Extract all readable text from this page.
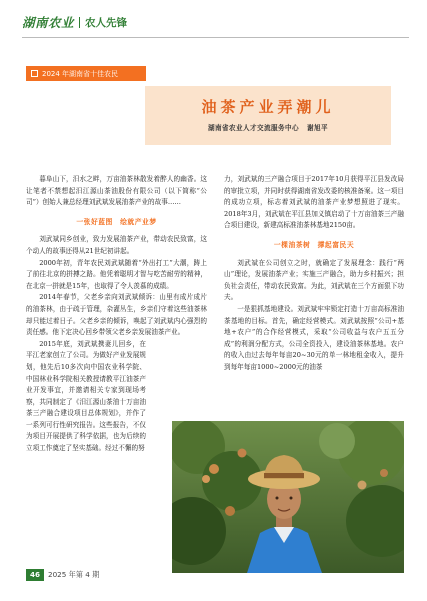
湖南农业 农人先锋
2024 年湖南省十佳农民
油茶产业弄潮儿
湖南省农业人才交流服务中心 谢旭平

暮阜山下，汨水之畔，万亩油茶林散发着醉人的幽香。这让笔者不禁想起汨江源山茶油股份有限公司（以下简称“公司”）创始人兼总经理刘武斌发展油茶产业的故事……

一张好蓝图　绘就产业梦

刘武斌同乡创业，致力发展油茶产业，带动农民致富，这个动人的故事还得从21世纪初讲起。

2000年初，青年农民刘武斌随着“外出打工”大潮，踌上了前往北京的拼搏之路。他凭着聪明才智与吃苦耐劳的精神，在北京一拼就是15年，也取得了令人羡慕的成绩。

2014年春节，父老乡亲向刘武斌倾诉：山里有成片成片的油茶林，由于疏于管理，杂灌丛生，乡亲们守着这些油茶林却只能过着日子。父老乡亲的倾诉，唤起了刘武斌内心强烈的责任感。他下定决心回乡带领父老乡亲发展油茶产业。

2015年底，刘武斌携妻儿回乡，在平江老家创立了公司。为做好产业发展规划，他先后10多次向中国农业科学院、中国林业科学院相关教授请教平江油茶产业开发事宜，并邀请相关专家到现场考察，共同制定了《汨江源山茶油十万亩油茶三产融合建设项目总体规划》，并作了一系列可行性研究报告。这些报告，不仅为项目开展提供了科学依据，也为后续的立项工作奠定了坚实基础。经过不懈的努

力，刘武斌的三产融合项目于2017年10月获得平江县发改局的审批立项，并同时获得湖南省发改委的核准备案。这一项目的成功立项，标志着刘武斌的油茶产业梦想照进了现实。2018年3月，刘武斌在平江县加义镇启动了十万亩油茶三产融合项目建设，新建高标准油茶林基地2150亩。

一棵油茶树　撑起富民天

刘武斌在公司创立之时，就确定了发展理念：践行“两山”理论，发展油茶产业；实施三产融合，助力乡村振兴；担负社会责任，带动农民致富。为此，刘武斌在三个方面狠下功夫。

一是狠抓基地建设。刘武斌牢牢锁定打造十万亩高标准油茶基地的目标。首先，确定经营模式。刘武斌按照“公司+基地+农户”的合作经营模式，采取“公司收益与农户五五分成”的利润分配方式，公司全资投入，建设油茶林基地。农户的收入由过去每年每亩20~30元的单一林地租金收入，提升到每年每亩1000~2000元的油茶

46	2025 年第 4 期
